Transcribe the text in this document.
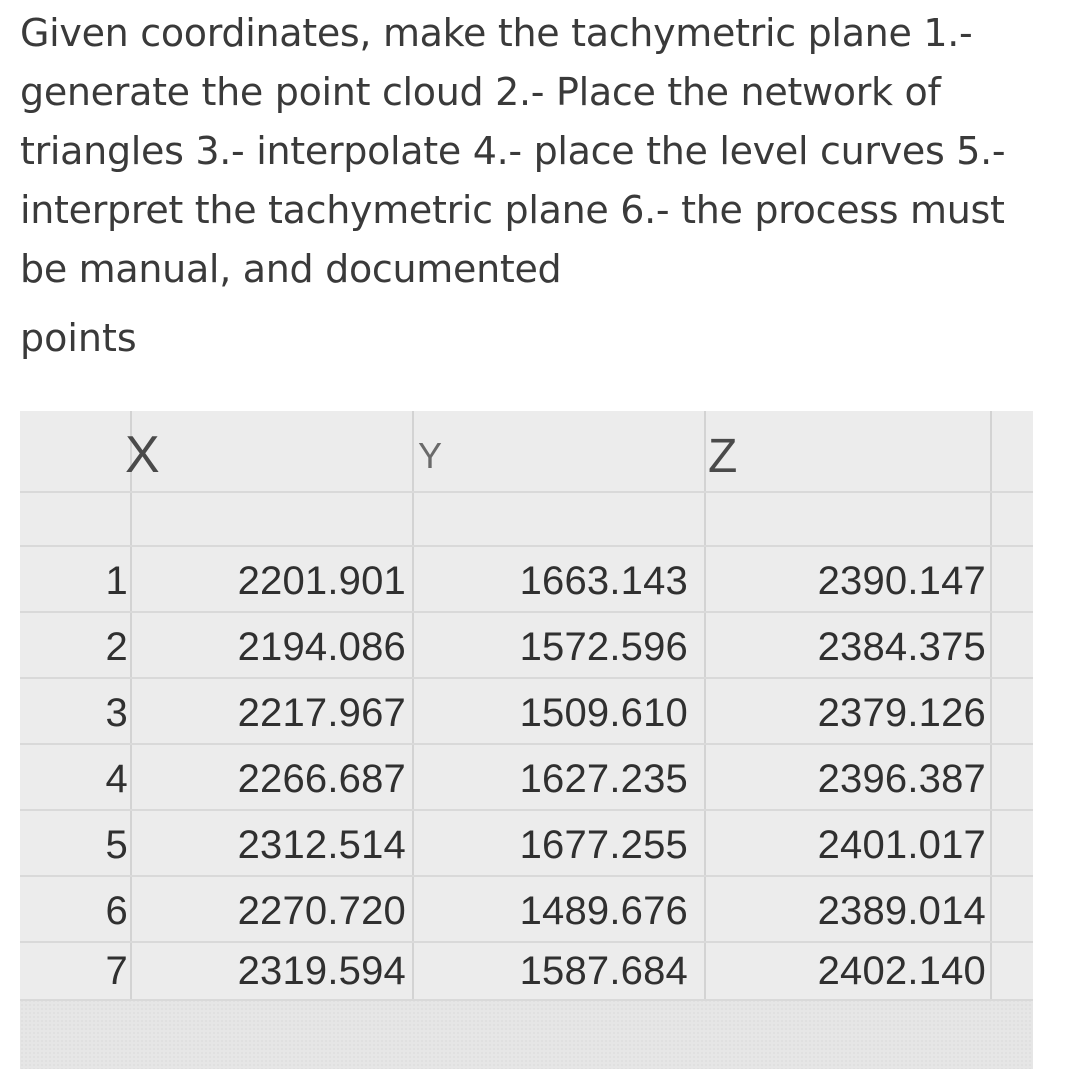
Given coordinates, make the tachymetric plane 1.- generate the point cloud 2.- Place the network of triangles 3.- interpolate 4.- place the level curves 5.- interpret the tachymetric plane 6.- the process must be manual, and documented

points

X	Y	Z
1	2201.901	1663.143	2390.147
2	2194.086	1572.596	2384.375
3	2217.967	1509.610	2379.126
4	2266.687	1627.235	2396.387
5	2312.514	1677.255	2401.017
6	2270.720	1489.676	2389.014
7	2319.594	1587.684	2402.140
